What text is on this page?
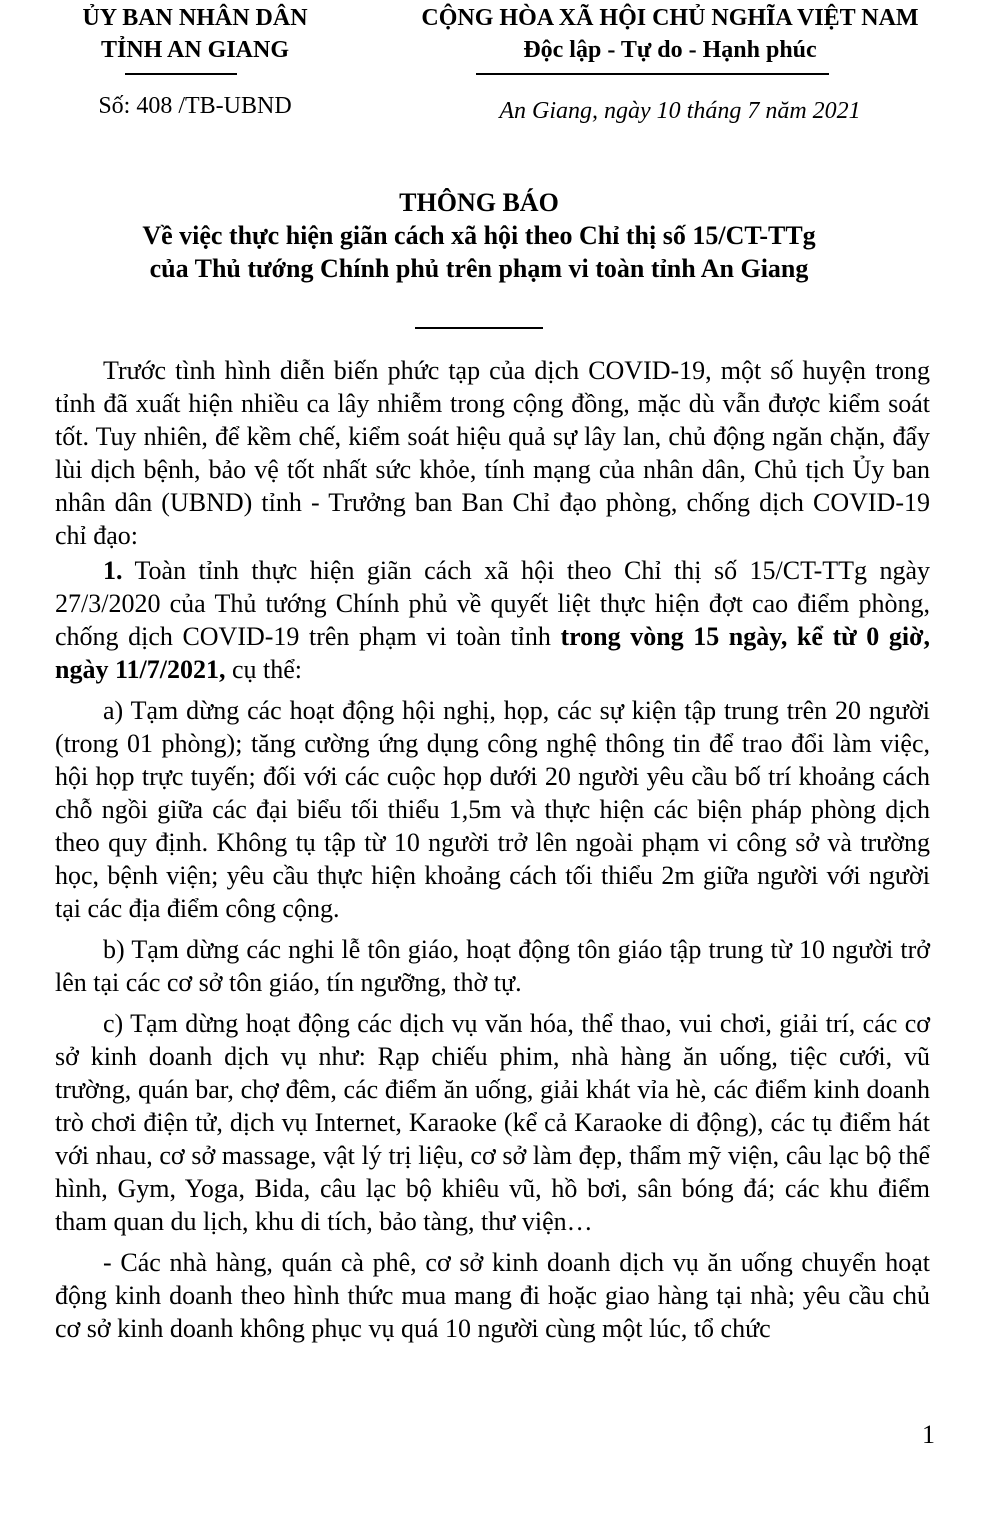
ỦY BAN NHÂN DÂN
TỈNH AN GIANG
Số: 408 /TB-UBND
CỘNG HÒA XÃ HỘI CHỦ NGHĨA VIỆT NAM
Độc lập - Tự do - Hạnh phúc
An Giang, ngày 10 tháng 7 năm 2021
THÔNG BÁO
Về việc thực hiện giãn cách xã hội theo Chỉ thị số 15/CT-TTg
của Thủ tướng Chính phủ trên phạm vi toàn tỉnh An Giang

Trước tình hình diễn biến phức tạp của dịch COVID-19, một số huyện trong tỉnh đã xuất hiện nhiều ca lây nhiễm trong cộng đồng, mặc dù vẫn được kiểm soát tốt. Tuy nhiên, để kềm chế, kiểm soát hiệu quả sự lây lan, chủ động ngăn chặn, đẩy lùi dịch bệnh, bảo vệ tốt nhất sức khỏe, tính mạng của nhân dân, Chủ tịch Ủy ban nhân dân (UBND) tỉnh - Trưởng ban Ban Chỉ đạo phòng, chống dịch COVID-19 chỉ đạo:

1. Toàn tỉnh thực hiện giãn cách xã hội theo Chỉ thị số 15/CT-TTg ngày 27/3/2020 của Thủ tướng Chính phủ về quyết liệt thực hiện đợt cao điểm phòng, chống dịch COVID-19 trên phạm vi toàn tỉnh trong vòng 15 ngày, kể từ 0 giờ, ngày 11/7/2021, cụ thể:

a) Tạm dừng các hoạt động hội nghị, họp, các sự kiện tập trung trên 20 người (trong 01 phòng); tăng cường ứng dụng công nghệ thông tin để trao đổi làm việc, hội họp trực tuyến; đối với các cuộc họp dưới 20 người yêu cầu bố trí khoảng cách chỗ ngồi giữa các đại biểu tối thiểu 1,5m và thực hiện các biện pháp phòng dịch theo quy định. Không tụ tập từ 10 người trở lên ngoài phạm vi công sở và trường học, bệnh viện; yêu cầu thực hiện khoảng cách tối thiểu 2m giữa người với người tại các địa điểm công cộng.

b) Tạm dừng các nghi lễ tôn giáo, hoạt động tôn giáo tập trung từ 10 người trở lên tại các cơ sở tôn giáo, tín ngưỡng, thờ tự.

c) Tạm dừng hoạt động các dịch vụ văn hóa, thể thao, vui chơi, giải trí, các cơ sở kinh doanh dịch vụ như: Rạp chiếu phim, nhà hàng ăn uống, tiệc cưới, vũ trường, quán bar, chợ đêm, các điểm ăn uống, giải khát vỉa hè, các điểm kinh doanh trò chơi điện tử, dịch vụ Internet, Karaoke (kể cả Karaoke di động), các tụ điểm hát với nhau, cơ sở massage, vật lý trị liệu, cơ sở làm đẹp, thẩm mỹ viện, câu lạc bộ thể hình, Gym, Yoga, Bida, câu lạc bộ khiêu vũ, hồ bơi, sân bóng đá; các khu điểm tham quan du lịch, khu di tích, bảo tàng, thư viện…

- Các nhà hàng, quán cà phê, cơ sở kinh doanh dịch vụ ăn uống chuyển hoạt động kinh doanh theo hình thức mua mang đi hoặc giao hàng tại nhà; yêu cầu chủ cơ sở kinh doanh không phục vụ quá 10 người cùng một lúc, tổ chức

1
